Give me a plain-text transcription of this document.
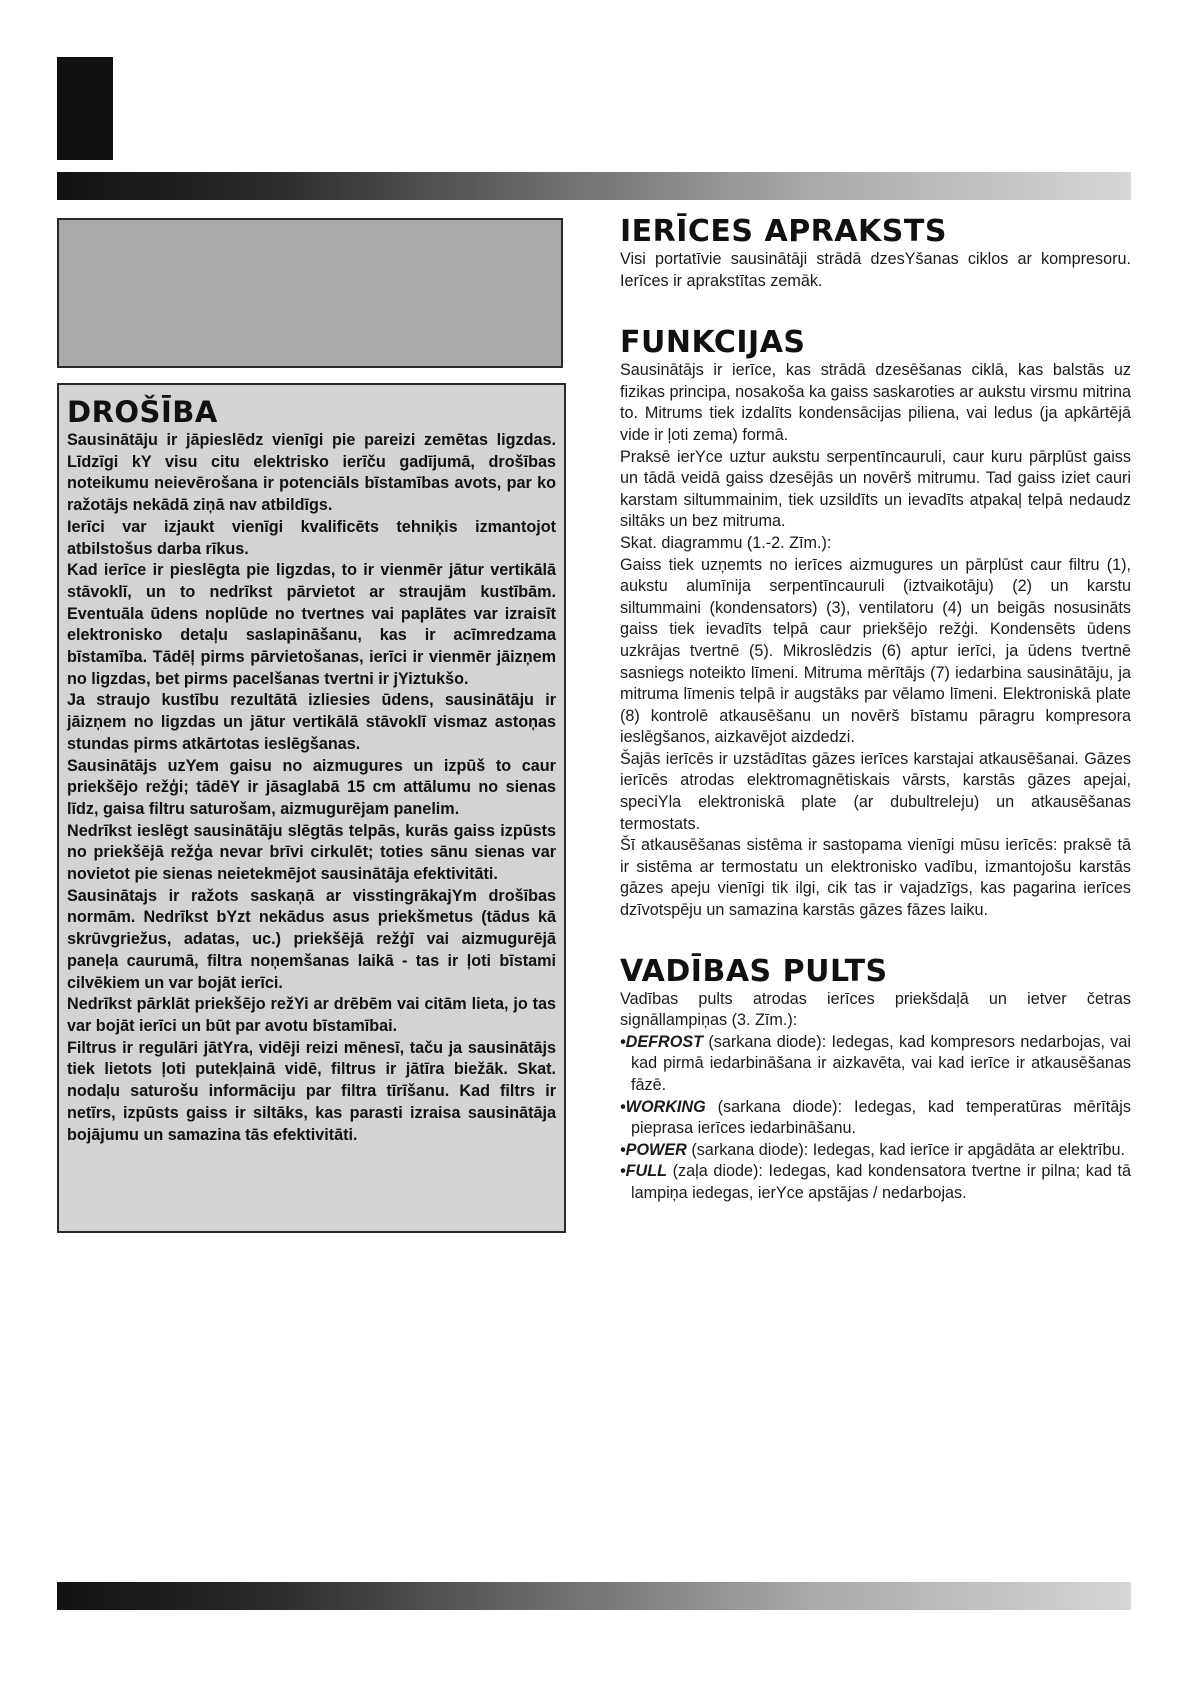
DROŠĪBA

Sausinātāju ir jāpieslēdz vienīgi pie pareizi zemētas ligzdas. Līdzīgi kY visu citu elektrisko ierīču gadījumā, drošības noteikumu neievērošana ir potenciāls bīstamības avots, par ko ražotājs nekādā ziņā nav atbildīgs.

Ierīci var izjaukt vienīgi kvalificēts tehniķis izmantojot atbilstošus darba rīkus.

Kad ierīce ir pieslēgta pie ligzdas, to ir vienmēr jātur vertikālā stāvoklī, un to nedrīkst pārvietot ar straujām kustībām. Eventuāla ūdens noplūde no tvertnes vai paplātes var izraisīt elektronisko detaļu saslapināšanu, kas ir acīmredzama bīstamība. Tādēļ pirms pārvietošanas, ierīci ir vienmēr jāizņem no ligzdas, bet pirms pacelšanas tvertni ir jYiztukšo.

Ja straujo kustību rezultātā izliesies ūdens, sausinātāju ir jāizņem no ligzdas un jātur vertikālā stāvoklī vismaz astoņas stundas pirms atkārtotas ieslēgšanas.

Sausinātājs uzYem gaisu no aizmugures un izpūš to caur priekšējo režģi; tādēY ir jāsaglabā 15 cm attālumu no sienas līdz, gaisa filtru saturošam, aizmugurējam panelim.

Nedrīkst ieslēgt sausinātāju slēgtās telpās, kurās gaiss izpūsts no priekšējā režģa nevar brīvi cirkulēt; toties sānu sienas var novietot pie sienas neietekmējot sausinātāja efektivitāti.

Sausinātajs ir ražots saskaņā ar visstingrākajYm drošības normām. Nedrīkst bYzt nekādus asus priekšmetus (tādus kā skrūvgriežus, adatas, uc.) priekšējā režģī vai aizmugurējā paneļa caurumā, filtra noņemšanas laikā - tas ir ļoti bīstami cilvēkiem un var bojāt ierīci.

Nedrīkst pārklāt priekšējo režYi ar drēbēm vai citām lieta, jo tas var bojāt ierīci un būt par avotu bīstamībai.

Filtrus ir regulāri jātYra, vidēji reizi mēnesī, taču ja sausinātājs tiek lietots ļoti putekļainā vidē, filtrus ir jātīra biežāk. Skat. nodaļu saturošu informāciju par filtra tīrīšanu. Kad filtrs ir netīrs, izpūsts gaiss ir siltāks, kas parasti izraisa sausinātāja bojājumu un samazina tās efektivitāti.

IERĪCES APRAKSTS

Visi portatīvie sausinātāji strādā dzesYšanas ciklos ar kompresoru. Ierīces ir aprakstītas zemāk.

FUNKCIJAS

Sausinātājs ir ierīce, kas strādā dzesēšanas ciklā, kas balstās uz fizikas principa, nosakoša ka gaiss saskaroties ar aukstu virsmu mitrina to. Mitrums tiek izdalīts kondensācijas piliena, vai ledus (ja apkārtējā vide ir ļoti zema) formā.

Praksē ierYce uztur aukstu serpentīncauruli, caur kuru pārplūst gaiss un tādā veidā gaiss dzesējās un novērš mitrumu. Tad gaiss iziet cauri karstam siltummainim, tiek uzsildīts un ievadīts atpakaļ telpā nedaudz siltāks un bez mitruma.

Skat. diagrammu (1.-2. Zīm.):

Gaiss tiek uzņemts no ierīces aizmugures un pārplūst caur filtru (1), aukstu alumīnija serpentīncauruli (iztvaikotāju) (2) un karstu siltummaini (kondensators) (3), ventilatoru (4) un beigās nosusināts gaiss tiek ievadīts telpā caur priekšējo režģi. Kondensēts ūdens uzkrājas tvertnē (5). Mikroslēdzis (6) aptur ierīci, ja ūdens tvertnē sasniegs noteikto līmeni. Mitruma mērītājs (7) iedarbina sausinātāju, ja mitruma līmenis telpā ir augstāks par vēlamo līmeni. Elektroniskā plate (8) kontrolē atkausēšanu un novērš bīstamu pāragru kompresora ieslēgšanos, aizkavējot aizdedzi.

Šajās ierīcēs ir uzstādītas gāzes ierīces karstajai atkausēšanai. Gāzes ierīcēs atrodas elektromagnētiskais vārsts, karstās gāzes apejai, speciYla elektroniskā plate (ar dubultreleju) un atkausēšanas termostats.

Šī atkausēšanas sistēma ir sastopama vienīgi mūsu ierīcēs: praksē tā ir sistēma ar termostatu un elektronisko vadību, izmantojošu karstās gāzes apeju vienīgi tik ilgi, cik tas ir vajadzīgs, kas pagarina ierīces dzīvotspēju un samazina karstās gāzes fāzes laiku.

VADĪBAS PULTS

Vadības pults atrodas ierīces priekšdaļā un ietver četras signāllampiņas (3. Zīm.):

•DEFROST (sarkana diode): Iedegas, kad kompresors nedarbojas, vai kad pirmā iedarbināšana ir aizkavēta, vai kad ierīce ir atkausēšanas fāzē.

•WORKING (sarkana diode): Iedegas, kad temperatūras mērītājs pieprasa ierīces iedarbināšanu.

•POWER (sarkana diode): Iedegas, kad ierīce ir apgādāta ar elektrību.

•FULL (zaļa diode): Iedegas, kad kondensatora tvertne ir pilna; kad tā lampiņa iedegas, ierYce apstājas / nedarbojas.
